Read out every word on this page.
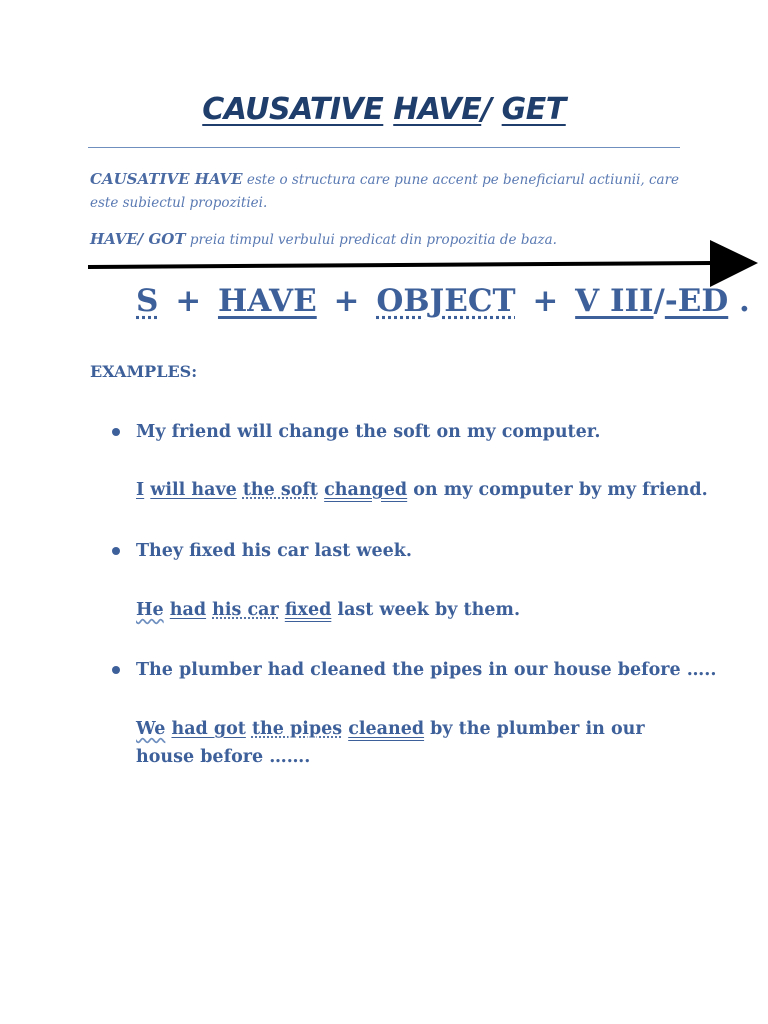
CAUSATIVE HAVE/ GET
CAUSATIVE HAVE este o structura care pune accent pe beneficiarul actiunii, care este subiectul propozitiei.
HAVE/ GOT preia timpul verbului predicat din propozitia de baza.
S + HAVE + OBJECT + V III/-ED .
EXAMPLES:
My friend will change the soft on my computer.
I will have the soft changed on my computer by my friend.
They fixed his car last week.
He had his car fixed last week by them.
The plumber had cleaned the pipes in our house before …..
We had got the pipes cleaned by the plumber in our house before …….
